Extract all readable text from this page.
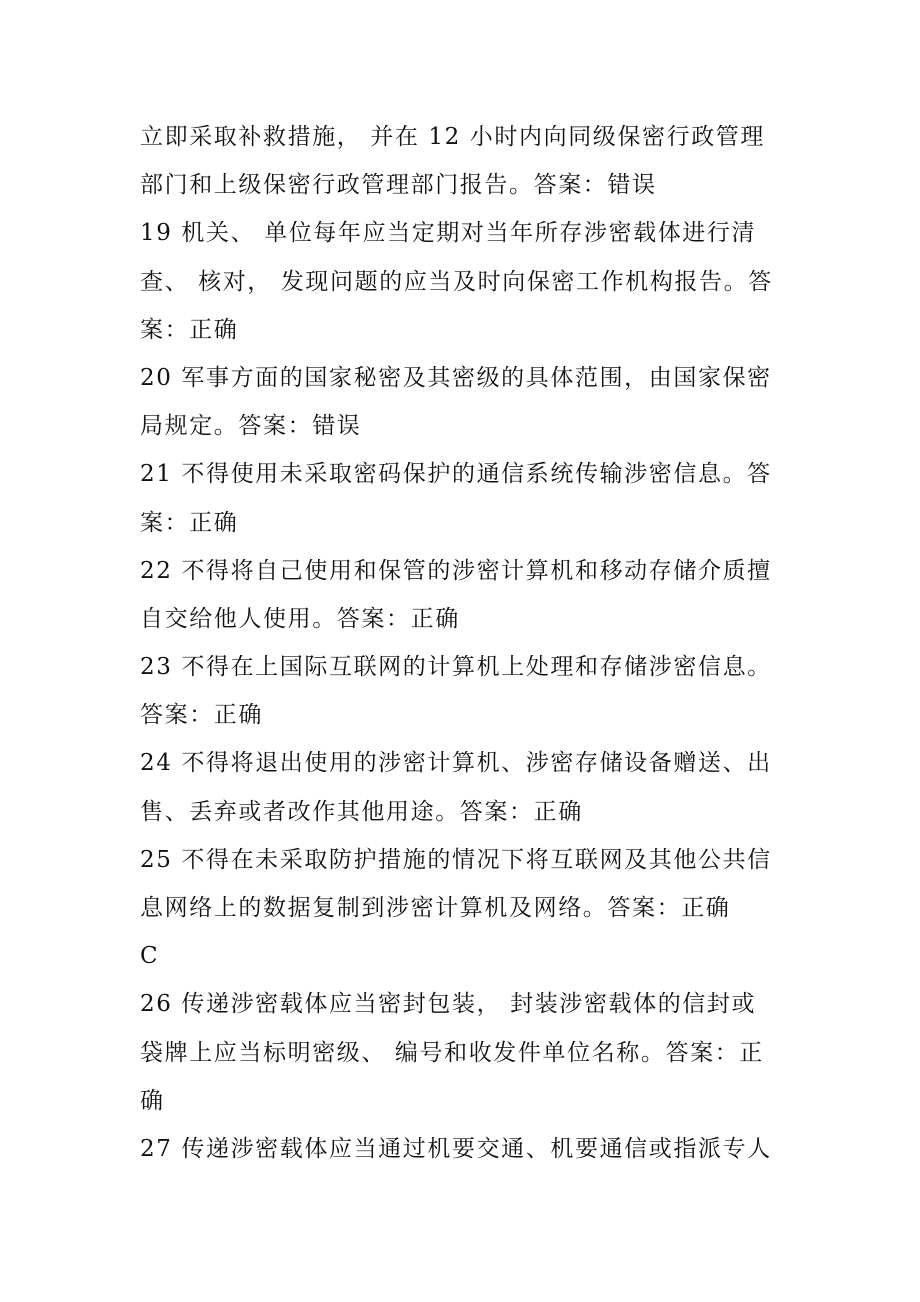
立即采取补救措施， 并在 12 小时内向同级保密行政管理
部门和上级保密行政管理部门报告。答案：错误
19 机关、 单位每年应当定期对当年所存涉密载体进行清
查、 核对， 发现问题的应当及时向保密工作机构报告。答
案：正确
20 军事方面的国家秘密及其密级的具体范围，由国家保密
局规定。答案：错误
21 不得使用未采取密码保护的通信系统传输涉密信息。答
案：正确
22 不得将自己使用和保管的涉密计算机和移动存储介质擅
自交给他人使用。答案：正确
23 不得在上国际互联网的计算机上处理和存储涉密信息。
答案：正确
24 不得将退出使用的涉密计算机、涉密存储设备赠送、出
售、丢弃或者改作其他用途。答案：正确
25 不得在未采取防护措施的情况下将互联网及其他公共信
息网络上的数据复制到涉密计算机及网络。答案：正确
C
26 传递涉密载体应当密封包装， 封装涉密载体的信封或
袋牌上应当标明密级、 编号和收发件单位名称。答案：正
确
27 传递涉密载体应当通过机要交通、机要通信或指派专人
